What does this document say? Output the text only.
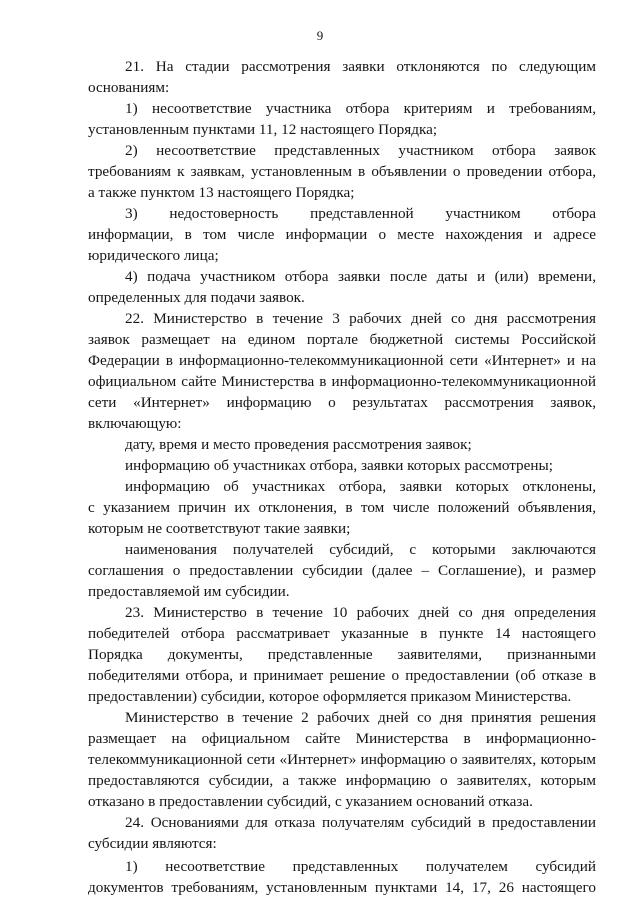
9
21. На стадии рассмотрения заявки отклоняются по следующим
основаниям:
1) несоответствие участника отбора критериям и требованиям,
установленным пунктами 11, 12 настоящего Порядка;
2) несоответствие представленных участником отбора заявок
требованиям к заявкам, установленным в объявлении о проведении отбора,
а также пунктом 13 настоящего Порядка;
3) недостоверность представленной участником отбора
информации, в том числе информации о месте нахождения и адресе
юридического лица;
4) подача участником отбора заявки после даты и (или) времени,
определенных для подачи заявок.
22. Министерство в течение 3 рабочих дней со дня рассмотрения
заявок размещает на едином портале бюджетной системы Российской
Федерации в информационно-телекоммуникационной сети «Интернет» и на
официальном сайте Министерства в информационно-телекоммуникационной
сети «Интернет» информацию о результатах рассмотрения заявок,
включающую:
дату, время и место проведения рассмотрения заявок;
информацию об участниках отбора, заявки которых рассмотрены;
информацию об участниках отбора, заявки которых отклонены,
с указанием причин их отклонения, в том числе положений объявления,
которым не соответствуют такие заявки;
наименования получателей субсидий, с которыми заключаются
соглашения о предоставлении субсидии (далее – Соглашение), и размер
предоставляемой им субсидии.
23. Министерство в течение 10 рабочих дней со дня определения
победителей отбора рассматривает указанные в пункте 14 настоящего
Порядка документы, представленные заявителями, признанными
победителями отбора, и принимает решение о предоставлении (об отказе в
предоставлении) субсидии, которое оформляется приказом Министерства.
Министерство в течение 2 рабочих дней со дня принятия решения
размещает на официальном сайте Министерства в информационно-
телекоммуникационной сети «Интернет» информацию о заявителях, которым
предоставляются субсидии, а также информацию о заявителях, которым
отказано в предоставлении субсидий, с указанием оснований отказа.
24. Основаниями для отказа получателям субсидий в предоставлении
субсидии являются:
1) несоответствие представленных получателем субсидий
документов требованиям, установленным пунктами 14, 17, 26 настоящего
